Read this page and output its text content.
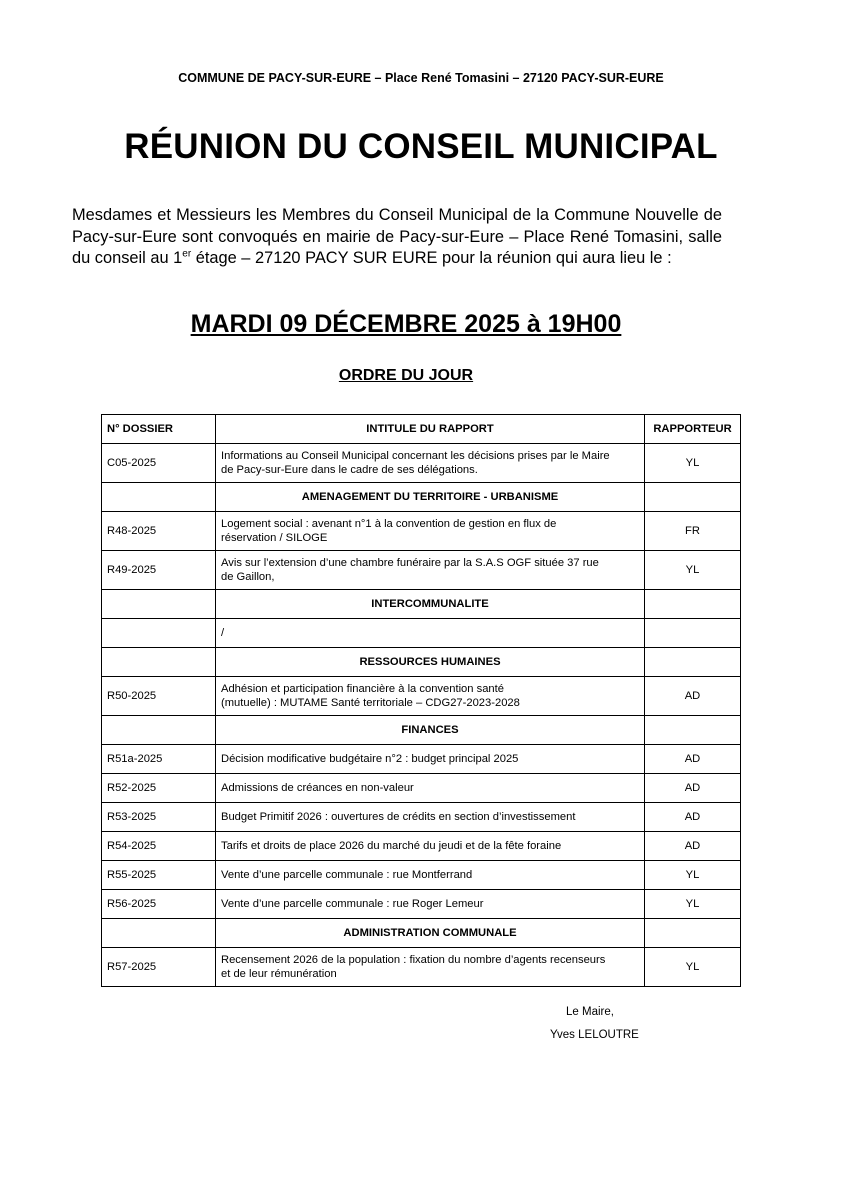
COMMUNE DE PACY-SUR-EURE – Place René Tomasini – 27120 PACY-SUR-EURE
RÉUNION DU CONSEIL MUNICIPAL
Mesdames et Messieurs les Membres du Conseil Municipal de la Commune Nouvelle de Pacy-sur-Eure sont convoqués en mairie de Pacy-sur-Eure – Place René Tomasini, salle du conseil au 1er étage – 27120 PACY SUR EURE pour la réunion qui aura lieu le :
MARDI 09 DÉCEMBRE 2025 à 19H00
ORDRE DU JOUR
N° DOSSIER	INTITULE DU RAPPORT	RAPPORTEUR
C05-2025	Informations au Conseil Municipal concernant les décisions prises par le Maire
de Pacy-sur-Eure dans le cadre de ses délégations.	YL
	AMENAGEMENT DU TERRITOIRE - URBANISME	
R48-2025	Logement social : avenant n°1 à la convention de gestion en flux de
réservation / SILOGE	FR
R49-2025	Avis sur l’extension d’une chambre funéraire par la S.A.S OGF située 37 rue
de Gaillon,	YL
	INTERCOMMUNALITE	
	/	
	RESSOURCES HUMAINES	
R50-2025	Adhésion et participation financière à la convention santé
(mutuelle) : MUTAME Santé territoriale – CDG27-2023-2028	AD
	FINANCES	
R51a-2025	Décision modificative budgétaire n°2 : budget principal 2025	AD
R52-2025	Admissions de créances en non-valeur	AD
R53-2025	Budget Primitif 2026 : ouvertures de crédits en section d’investissement	AD
R54-2025	Tarifs et droits de place 2026 du marché du jeudi et de la fête foraine	AD
R55-2025	Vente d’une parcelle communale : rue Montferrand	YL
R56-2025	Vente d’une parcelle communale : rue Roger Lemeur	YL
	ADMINISTRATION COMMUNALE	
R57-2025	Recensement 2026 de la population : fixation du nombre d’agents recenseurs
et de leur rémunération	YL
Le Maire,
Yves LELOUTRE
